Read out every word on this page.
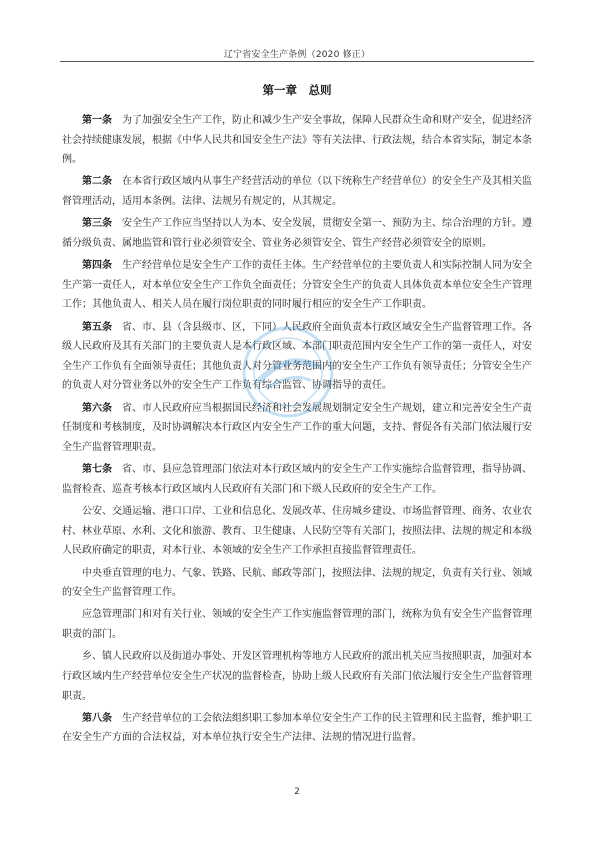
辽宁省安全生产条例（2020 修正）
第一章　总则

第一条　 为了加强安全生产工作，防止和减少生产安全事故，保障人民群众生命和财产安全，促进经济社会持续健康发展，根据《中华人民共和国安全生产法》等有关法律、行政法规，结合本省实际，制定本条例。

第二条　 在本省行政区域内从事生产经营活动的单位（以下统称生产经营单位）的安全生产及其相关监督管理活动，适用本条例。法律、法规另有规定的，从其规定。

第三条　 安全生产工作应当坚持以人为本、安全发展，贯彻安全第一、预防为主、综合治理的方针。遵循分级负责、属地监管和管行业必须管安全、管业务必须管安全、管生产经营必须管安全的原则。

第四条　 生产经营单位是安全生产工作的责任主体。生产经营单位的主要负责人和实际控制人同为安全生产第一责任人，对本单位安全生产工作负全面责任；分管安全生产的负责人具体负责本单位安全生产管理工作；其他负责人、相关人员在履行岗位职责的同时履行相应的安全生产工作职责。

第五条　 省、市、县（含县级市、区，下同）人民政府全面负责本行政区域安全生产监督管理工作。各级人民政府及其有关部门的主要负责人是本行政区域、本部门职责范围内安全生产工作的第一责任人，对安全生产工作负有全面领导责任；其他负责人对分管业务范围内的安全生产工作负有领导责任；分管安全生产的负责人对分管业务以外的安全生产工作负有综合监管、协调指导的责任。

第六条　 省、市人民政府应当根据国民经济和社会发展规划制定安全生产规划，建立和完善安全生产责任制度和考核制度，及时协调解决本行政区内安全生产工作的重大问题，支持、督促各有关部门依法履行安全生产监督管理职责。

第七条　 省、市、县应急管理部门依法对本行政区域内的安全生产工作实施综合监督管理，指导协调、监督检查、巡查考核本行政区域内人民政府有关部门和下级人民政府的安全生产工作。

公安、交通运输、港口口岸、工业和信息化、发展改革、住房城乡建设、市场监督管理、商务、农业农村、林业草原、水利、文化和旅游、教育、卫生健康、人民防空等有关部门，按照法律、法规的规定和本级人民政府确定的职责，对本行业、本领域的安全生产工作承担直接监督管理责任。

中央垂直管理的电力、气象、铁路、民航、邮政等部门，按照法律、法规的规定，负责有关行业、领域的安全生产监督管理工作。

应急管理部门和对有关行业、领域的安全生产工作实施监督管理的部门，统称为负有安全生产监督管理职责的部门。

乡、镇人民政府以及街道办事处、开发区管理机构等地方人民政府的派出机关应当按照职责，加强对本行政区域内生产经营单位安全生产状况的监督检查，协助上级人民政府有关部门依法履行安全生产监督管理职责。

第八条　 生产经营单位的工会依法组织职工参加本单位安全生产工作的民主管理和民主监督，维护职工在安全生产方面的合法权益，对本单位执行安全生产法律、法规的情况进行监督。

2
